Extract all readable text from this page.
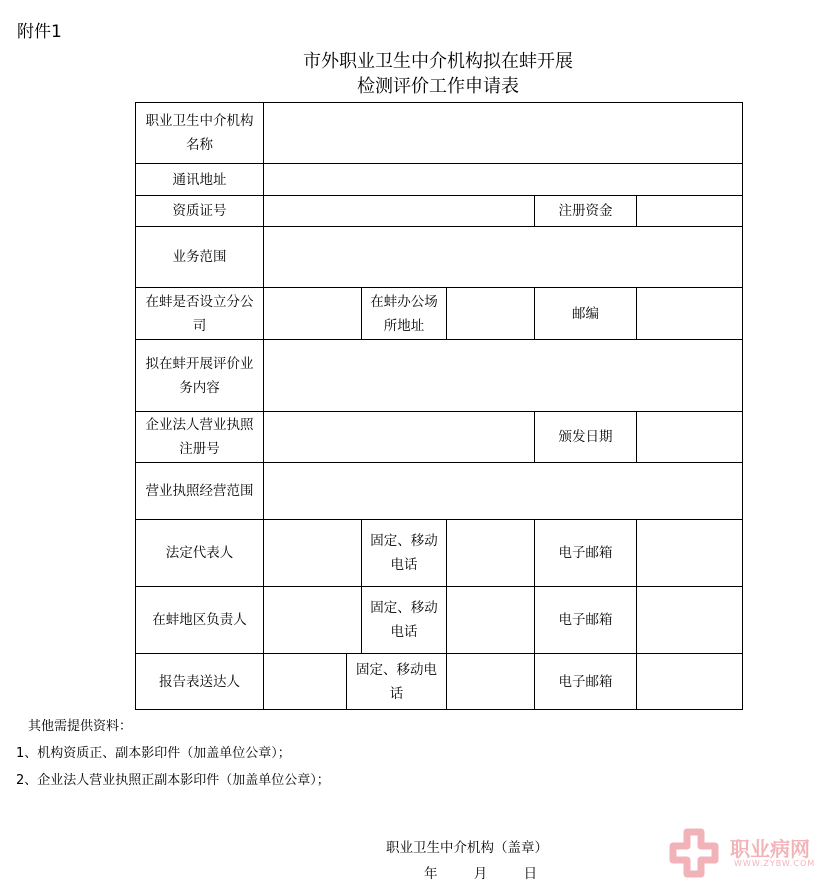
附件1
市外职业卫生中介机构拟在蚌开展
检测评价工作申请表
职业卫生中介机构名称						
通讯地址						
资质证号					注册资金	
业务范围						
在蚌是否设立分公司			在蚌办公场所地址		邮编	
拟在蚌开展评价业务内容						
企业法人营业执照注册号					颁发日期	
营业执照经营范围						
法定代表人			固定、移动电话		电子邮箱	
在蚌地区负责人			固定、移动电话		电子邮箱	
报告表送达人		固定、移动电话			电子邮箱	
其他需提供资料：
1、机构资质正、副本影印件（加盖单位公章）；
2、企业法人营业执照正副本影印件（加盖单位公章）；
职业卫生中介机构（盖章）
年 月 日
职业病网
WWW.ZYBW.COM
